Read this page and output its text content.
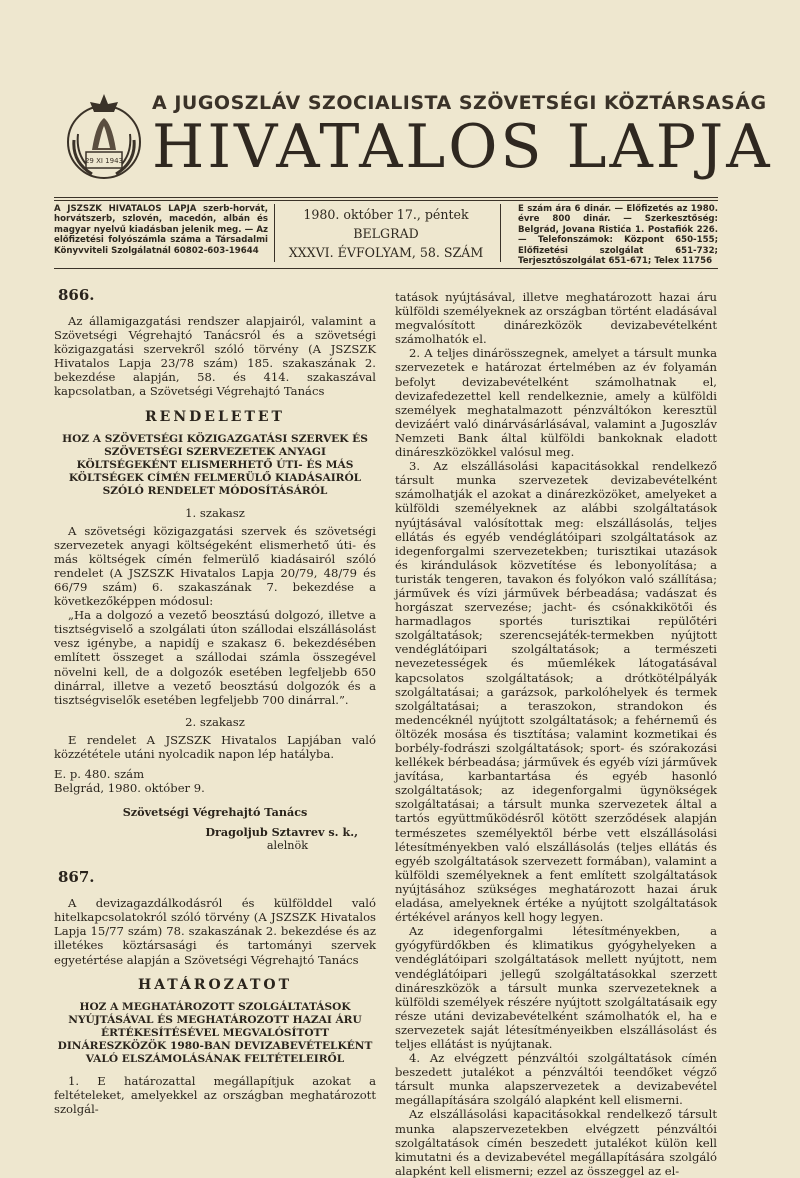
29 XI 1943
A JUGOSZLÁV SZOCIALISTA SZÖVETSÉGI KÖZTÁRSASÁG
HIVATALOS LAPJA

A JSZSZK HIVATALOS LAPJA szerb-horvát, horvátszerb, szlovén, macedón, albán és magyar nyelvű kiadásban jelenik meg. — Az előfizetési folyószámla száma a Társadalmi Könyvviteli Szolgálatnál 60802-603-19644

1980. október 17., péntek
BELGRAD
XXXVI. ÉVFOLYAM, 58. SZÁM

E szám ára 6 dinár. — Előfizetés az 1980. évre 800 dinár. — Szerkesztőség: Belgrád, Jovana Ristića 1. Postafiók 226. — Telefonszámok: Központ 650-155; Előfizetési szolgálat 651-732; Terjesztőszolgálat 651-671; Telex 11756

866.

Az államigazgatási rendszer alapjairól, valamint a Szövetségi Végrehajtó Tanácsról és a szövetségi közigazgatási szervekről szóló törvény (A JSZSZK Hivatalos Lapja 23/78 szám) 185. szakaszának 2. bekezdése alapján, 58. és 414. szakaszával kapcsolatban, a Szövetségi Végrehajtó Tanács

RENDELETET

HOZ A SZÖVETSÉGI KÖZIGAZGATÁSI SZERVEK ÉS SZÖVETSÉGI SZERVEZETEK ANYAGI KÖLTSÉGEKÉNT ELISMERHETŐ ÚTI- ÉS MÁS KÖLTSÉGEK CÍMÉN FELMERÜLŐ KIADÁSAIRÓL SZÓLÓ RENDELET MÓDOSÍTÁSÁRÓL

1. szakasz

A szövetségi közigazgatási szervek és szövetségi szervezetek anyagi költségeként elismerhető úti- és más költségek címén felmerülő kiadásairól szóló rendelet (A JSZSZK Hivatalos Lapja 20/79, 48/79 és 66/79 szám) 6. szakaszának 7. bekezdése a következőképpen módosul:

„Ha a dolgozó a vezető beosztású dolgozó, illetve a tisztségviselő a szolgálati úton szállodai elszállásolást vesz igénybe, a napidíj e szakasz 6. bekezdésében említett összeget a szállodai számla összegével növelni kell, de a dolgozók esetében legfeljebb 650 dinárral, illetve a vezető beosztású dolgozók és a tisztségviselők esetében legfeljebb 700 dinárral.”.

2. szakasz

E rendelet A JSZSZK Hivatalos Lapjában való közzététele utáni nyolcadik napon lép hatályba.

E. p. 480. szám

Belgrád, 1980. október 9.

Szövetségi Végrehajtó Tanács

Dragoljub Sztavrev s. k.,

alelnök

867.

A devizagazdálkodásról és külfölddel való hitelkapcsolatokról szóló törvény (A JSZSZK Hivatalos Lapja 15/77 szám) 78. szakaszának 2. bekezdése és az illetékes köztársasági és tartományi szervek egyetértése alapján a Szövetségi Végrehajtó Tanács

HATÁROZATOT

HOZ A MEGHATÁROZOTT SZOLGÁLTATÁSOK NYÚJTÁSÁVAL ÉS MEGHATÁROZOTT HAZAI ÁRU ÉRTÉKESÍTÉSÉVEL MEGVALÓSÍTOTT DINÁRESZKÖZÖK 1980-BAN DEVIZABEVÉTELKÉNT VALÓ ELSZÁMOLÁSÁNAK FELTÉTELEIRŐL

1. E határozattal megállapítjuk azokat a feltételeket, amelyekkel az országban meghatározott szolgál-

tatások nyújtásával, illetve meghatározott hazai áru külföldi személyeknek az országban történt eladásával megvalósított dinárezközök devizabevételként számolhatók el.

2. A teljes dinárösszegnek, amelyet a társult munka szervezetek e határozat értelmében az év folyamán befolyt devizabevételként számolhatnak el, devizafedezettel kell rendelkeznie, amely a külföldi személyek meghatalmazott pénzváltókon keresztül devizáért való dinárvásárlásával, valamint a Jugoszláv Nemzeti Bank által külföldi bankoknak eladott dináreszközökkel valósul meg.

3. Az elszállásolási kapacitásokkal rendelkező társult munka szervezetek devizabevételként számolhatják el azokat a dinárezközöket, amelyeket a külföldi személyeknek az alábbi szolgáltatások nyújtásával valósítottak meg: elszállásolás, teljes ellátás és egyéb vendéglátóipari szolgáltatások az idegenforgalmi szervezetekben; turisztikai utazások és kirándulások közvetítése és lebonyolítása; a turisták tengeren, tavakon és folyókon való szállítása; járművek és vízi járművek bérbeadása; vadászat és horgászat szervezése; jacht- és csónakkikötői és harmadlagos sportés turisztikai repülőtéri szolgáltatások; szerencsejáték-termekben nyújtott vendéglátóipari szolgáltatások; a természeti nevezetességek és műemlékek látogatásával kapcsolatos szolgáltatások; a drótkötélpályák szolgáltatásai; a garázsok, parkolóhelyek és termek szolgáltatásai; a teraszokon, strandokon és medencéknél nyújtott szolgáltatások; a fehérnemű és öltözék mosása és tisztítása; valamint kozmetikai és borbély-fodrászi szolgáltatások; sport- és szórakozási kellékek bérbeadása; járművek és egyéb vízi járművek javítása, karbantartása és egyéb hasonló szolgáltatások; az idegenforgalmi ügynökségek szolgáltatásai; a társult munka szervezetek által a tartós együttműködésről kötött szerződések alapján természetes személyektől bérbe vett elszállásolási létesítményekben való elszállásolás (teljes ellátás és egyéb szolgáltatások szervezett formában), valamint a külföldi személyeknek a fent említett szolgáltatások nyújtásához szükséges meghatározott hazai áruk eladása, amelyeknek értéke a nyújtott szolgáltatások értékével arányos kell hogy legyen.

Az idegenforgalmi létesítményekben, a gyógyfürdőkben és klimatikus gyógyhelyeken a vendéglátóipari szolgáltatások mellett nyújtott, nem vendéglátóipari jellegű szolgáltatásokkal szerzett dináreszközök a társult munka szervezeteknek a külföldi személyek részére nyújtott szolgáltatásaik egy része utáni devizabevételként számolhatók el, ha e szervezetek saját létesítményeikben elszállásolást és teljes ellátást is nyújtanak.

4. Az elvégzett pénzváltói szolgáltatások címén beszedett jutalékot a pénzváltói teendőket végző társult munka alapszervezetek a devizabevétel megállapítására szolgáló alapként kell elismerni.

Az elszállásolási kapacitásokkal rendelkező társult munka alapszervezetekben elvégzett pénzváltói szolgáltatások címén beszedett jutalékot külön kell kimutatni és a devizabevétel megállapítására szolgáló alapként kell elismerni; ezzel az összeggel az el-
